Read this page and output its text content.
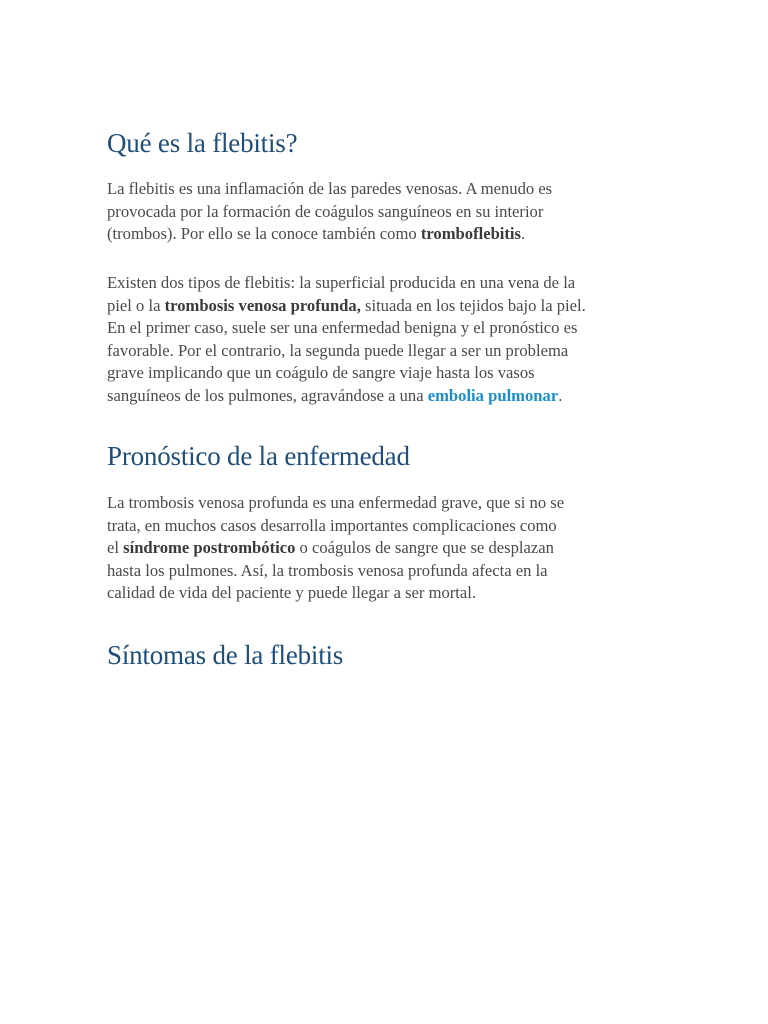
Qué es la flebitis?

La flebitis es una inflamación de las paredes venosas. A menudo es
provocada por la formación de coágulos sanguíneos en su interior
(trombos). Por ello se la conoce también como tromboflebitis.

Existen dos tipos de flebitis: la superficial producida en una vena de la
piel o la trombosis venosa profunda, situada en los tejidos bajo la piel.
En el primer caso, suele ser una enfermedad benigna y el pronóstico es
favorable. Por el contrario, la segunda puede llegar a ser un problema
grave implicando que un coágulo de sangre viaje hasta los vasos
sanguíneos de los pulmones, agravándose a una embolia pulmonar.

Pronóstico de la enfermedad

La trombosis venosa profunda es una enfermedad grave, que si no se
trata, en muchos casos desarrolla importantes complicaciones como
el síndrome postrombótico o coágulos de sangre que se desplazan
hasta los pulmones. Así, la trombosis venosa profunda afecta en la
calidad de vida del paciente y puede llegar a ser mortal.

Síntomas de la flebitis
